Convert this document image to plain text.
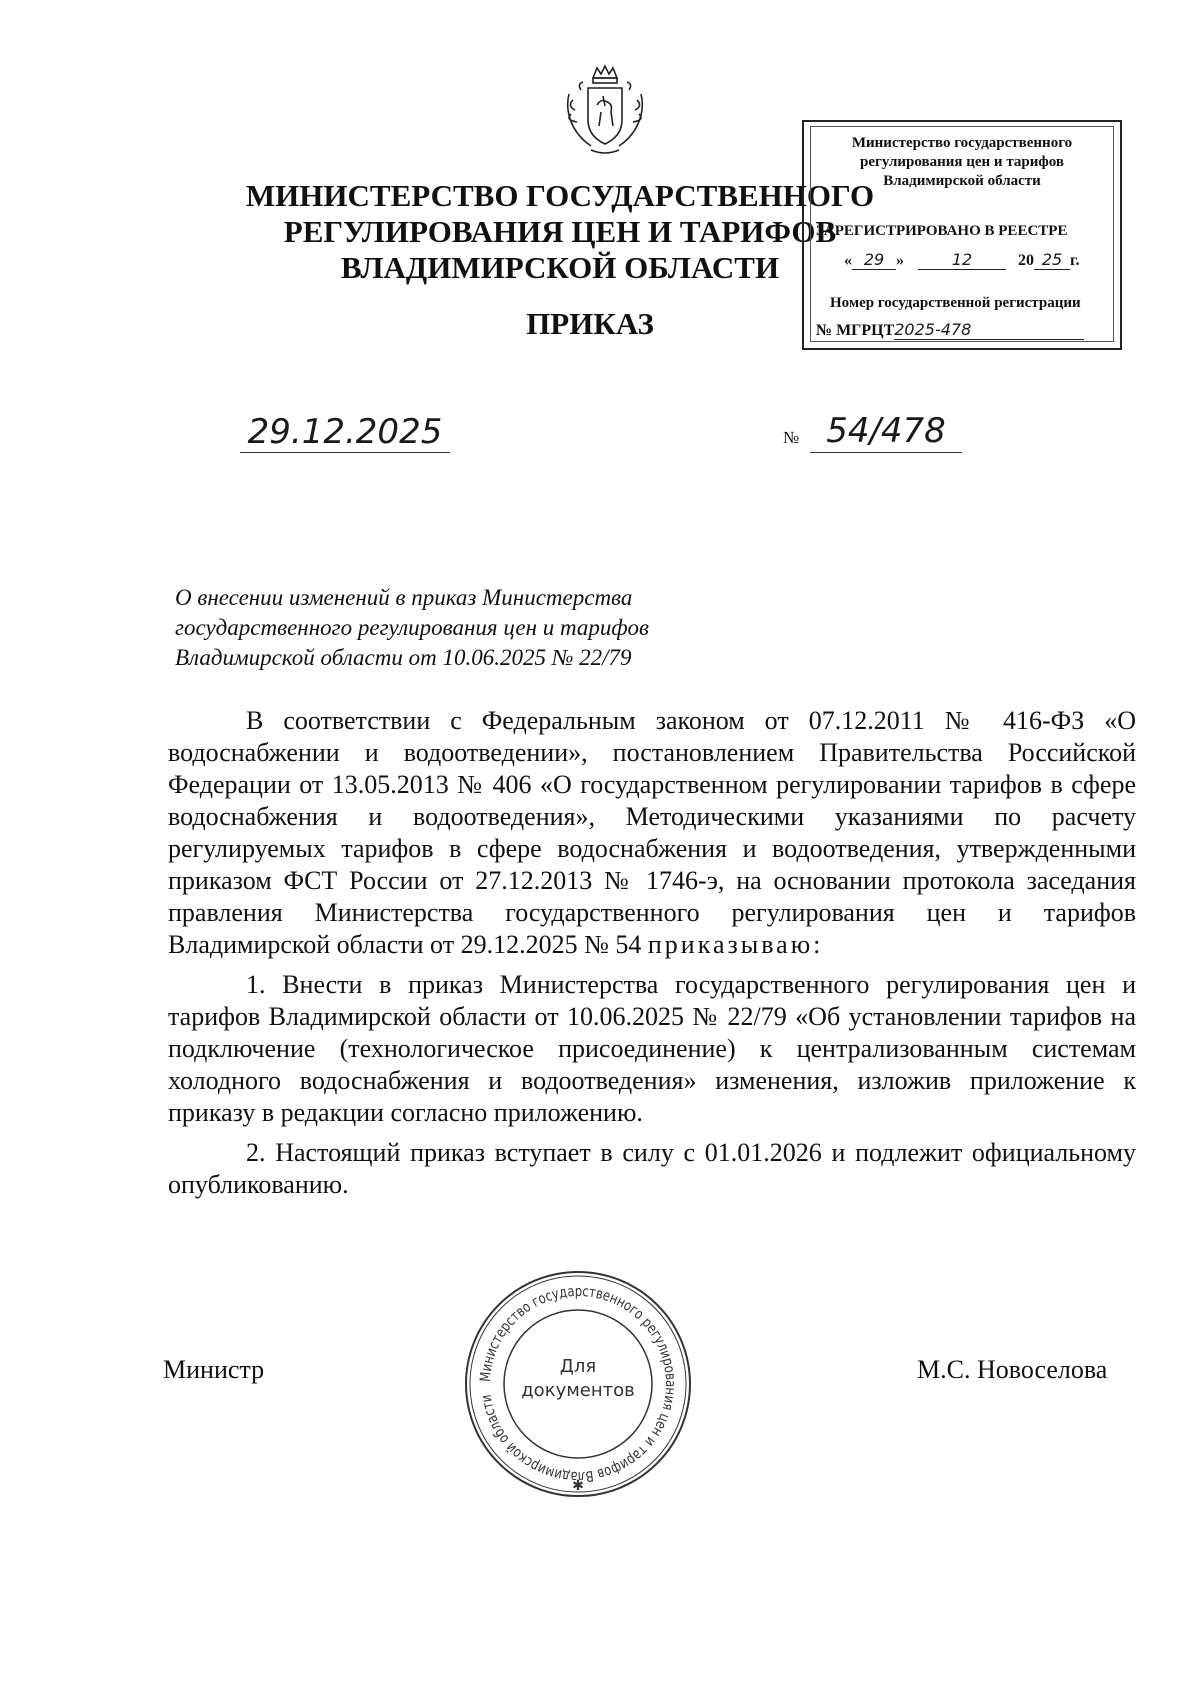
МИНИСТЕРСТВО ГОСУДАРСТВЕННОГО
РЕГУЛИРОВАНИЯ ЦЕН И ТАРИФОВ
ВЛАДИМИРСКОЙ ОБЛАСТИ
ПРИКАЗ
Министерство государственного
регулирования цен и тарифов
Владимирской области
ЗАРЕГИСТРИРОВАНО В РЕЕСТРЕ
« 29 »	12	20 25 г.
Номер государственной регистрации
№ МГРЦТ2025-478
29.12.2025	№ 54/478
О внесении изменений в приказ Министерства
государственного регулирования цен и тарифов
Владимирской области от 10.06.2025 № 22/79

В соответствии с Федеральным законом от 07.12.2011 № 416-ФЗ «О водоснабжении и водоотведении», постановлением Правительства Российской Федерации от 13.05.2013 № 406 «О государственном регулировании тарифов в сфере водоснабжения и водоотведения», Методическими указаниями по расчету регулируемых тарифов в сфере водоснабжения и водоотведения, утвержденными приказом ФСТ России от 27.12.2013 № 1746-э, на основании протокола заседания правления Министерства государственного регулирования цен и тарифов Владимирской области от 29.12.2025 № 54 приказываю:

1. Внести в приказ Министерства государственного регулирования цен и тарифов Владимирской области от 10.06.2025 № 22/79 «Об установлении тарифов на подключение (технологическое присоединение) к централизованным системам холодного водоснабжения и водоотведения» изменения, изложив приложение к приказу в редакции согласно приложению.

2. Настоящий приказ вступает в силу с 01.01.2026 и подлежит официальному опубликованию.

Министерство государственного регулирования цен и тарифов Владимирской области
✱
Для
документов
Министр	М.С. Новоселова
